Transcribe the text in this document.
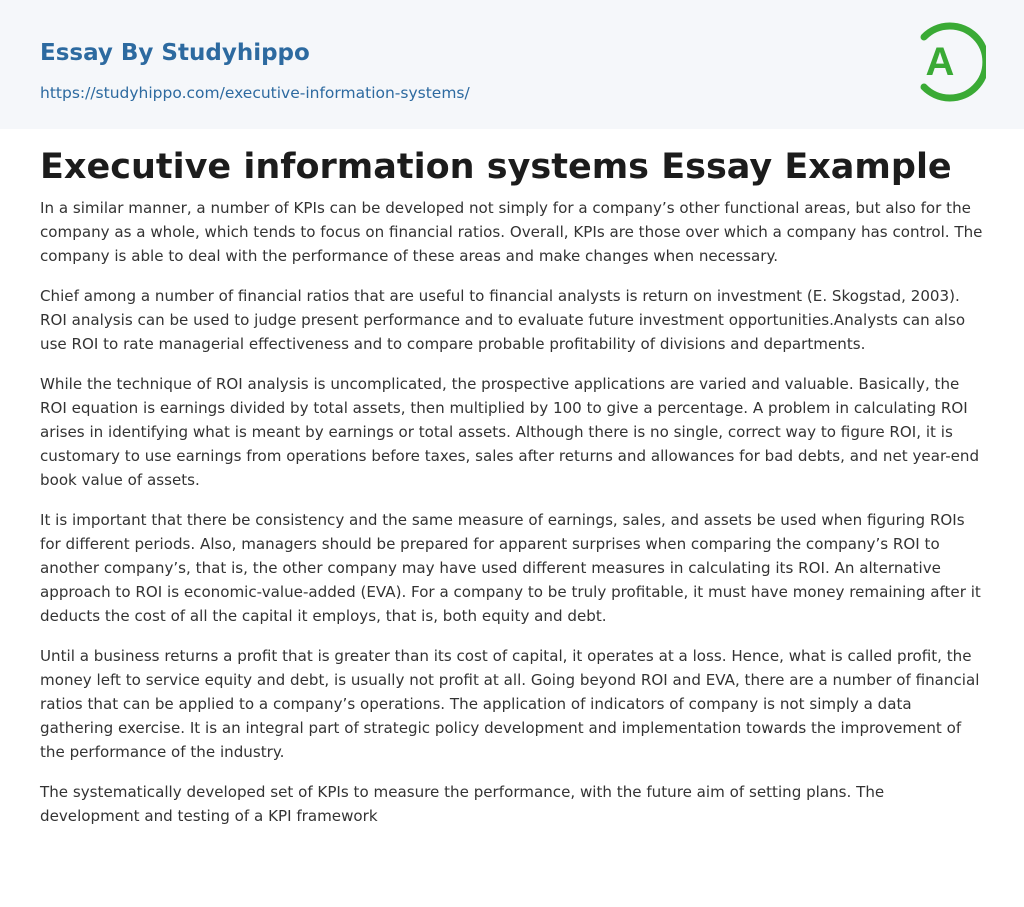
Essay By Studyhippo
https://studyhippo.com/executive-information-systems/
A
Executive information systems Essay Example

In a similar manner, a number of KPIs can be developed not simply for a company’s other functional areas, but also for the company as a whole, which tends to focus on financial ratios. Overall, KPIs are those over which a company has control. The company is able to deal with the performance of these areas and make changes when necessary.

Chief among a number of financial ratios that are useful to financial analysts is return on investment (E. Skogstad, 2003). ROI analysis can be used to judge present performance and to evaluate future investment opportunities.Analysts can also use ROI to rate managerial effectiveness and to compare probable profitability of divisions and departments.

While the technique of ROI analysis is uncomplicated, the prospective applications are varied and valuable. Basically, the ROI equation is earnings divided by total assets, then multiplied by 100 to give a percentage. A problem in calculating ROI arises in identifying what is meant by earnings or total assets. Although there is no single, correct way to figure ROI, it is customary to use earnings from operations before taxes, sales after returns and allowances for bad debts, and net year-end book value of assets.

It is important that there be consistency and the same measure of earnings, sales, and assets be used when figuring ROIs for different periods. Also, managers should be prepared for apparent surprises when comparing the company’s ROI to another company’s, that is, the other company may have used different measures in calculating its ROI. An alternative approach to ROI is economic-value-added (EVA). For a company to be truly profitable, it must have money remaining after it deducts the cost of all the capital it employs, that is, both equity and debt.

Until a business returns a profit that is greater than its cost of capital, it operates at a loss. Hence, what is called profit, the money left to service equity and debt, is usually not profit at all. Going beyond ROI and EVA, there are a number of financial ratios that can be applied to a company’s operations. The application of indicators of company is not simply a data gathering exercise. It is an integral part of strategic policy development and implementation towards the improvement of the performance of the industry.

The systematically developed set of KPIs to measure the performance, with the future aim of setting plans. The development and testing of a KPI framework
